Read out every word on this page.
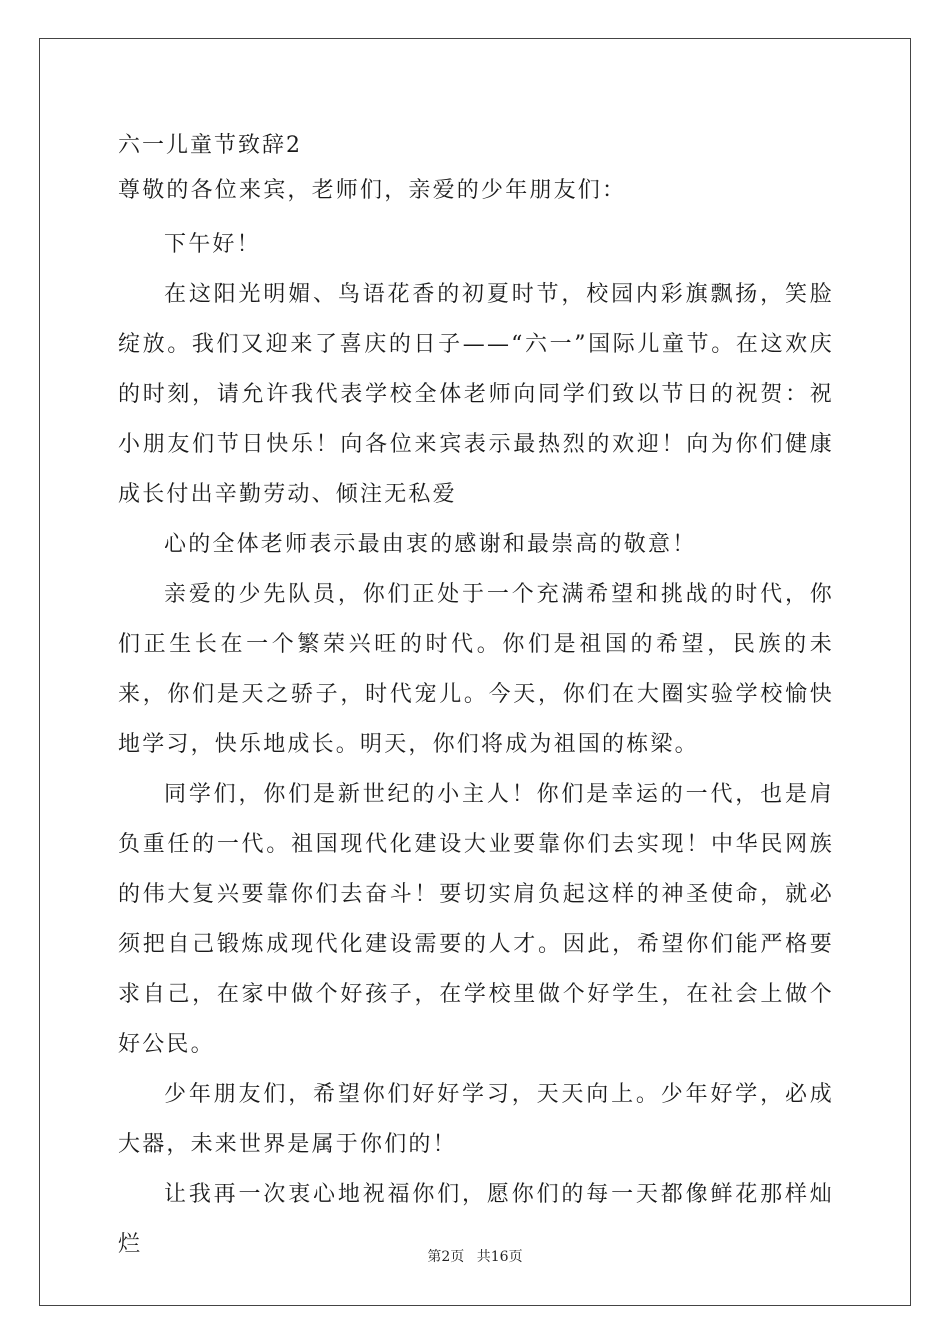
六一儿童节致辞2

尊敬的各位来宾，老师们，亲爱的少年朋友们：

下午好！

在这阳光明媚、鸟语花香的初夏时节，校园内彩旗飘扬，笑脸绽放。我们又迎来了喜庆的日子——“六一”国际儿童节。在这欢庆的时刻，请允许我代表学校全体老师向同学们致以节日的祝贺：祝小朋友们节日快乐！向各位来宾表示最热烈的欢迎！向为你们健康成长付出辛勤劳动、倾注无私爱

心的全体老师表示最由衷的感谢和最崇高的敬意！

亲爱的少先队员，你们正处于一个充满希望和挑战的时代，你们正生长在一个繁荣兴旺的时代。你们是祖国的希望，民族的未来，你们是天之骄子，时代宠儿。今天，你们在大圈实验学校愉快地学习，快乐地成长。明天，你们将成为祖国的栋梁。

同学们，你们是新世纪的小主人！你们是幸运的一代，也是肩负重任的一代。祖国现代化建设大业要靠你们去实现！中华民网族的伟大复兴要靠你们去奋斗！要切实肩负起这样的神圣使命，就必须把自己锻炼成现代化建设需要的人才。因此，希望你们能严格要求自己，在家中做个好孩子，在学校里做个好学生，在社会上做个好公民。

少年朋友们，希望你们好好学习，天天向上。少年好学，必成大器，未来世界是属于你们的！

让我再一次衷心地祝福你们，愿你们的每一天都像鲜花那样灿烂	第2页 共16页
